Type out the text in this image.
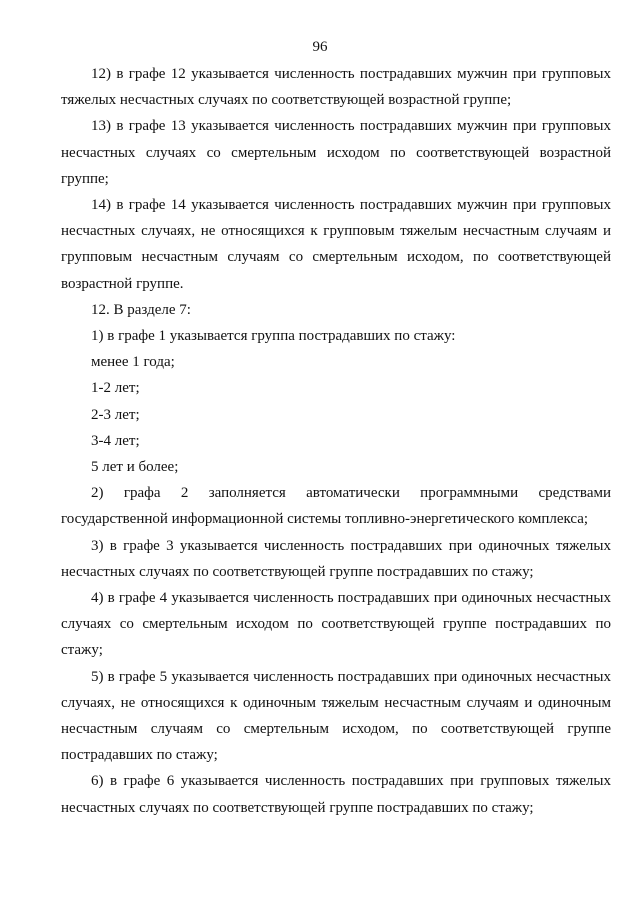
96
12) в графе 12 указывается численность пострадавших мужчин при групповых
тяжелых несчастных случаях по соответствующей возрастной группе;
13) в графе 13 указывается численность пострадавших мужчин при групповых
несчастных случаях со смертельным исходом по соответствующей возрастной
группе;
14) в графе 14 указывается численность пострадавших мужчин при групповых
несчастных случаях, не относящихся к групповым тяжелым несчастным случаям и
групповым несчастным случаям со смертельным исходом, по соответствующей
возрастной группе.
12. В разделе 7:
1) в графе 1 указывается группа пострадавших по стажу:
менее 1 года;
1-2 лет;
2-3 лет;
3-4 лет;
5 лет и более;
2) графа 2 заполняется автоматически программными средствами
государственной информационной системы топливно-энергетического комплекса;
3) в графе 3 указывается численность пострадавших при одиночных тяжелых
несчастных случаях по соответствующей группе пострадавших по стажу;
4) в графе 4 указывается численность пострадавших при одиночных несчастных
случаях со смертельным исходом по соответствующей группе пострадавших по
стажу;
5) в графе 5 указывается численность пострадавших при одиночных несчастных
случаях, не относящихся к одиночным тяжелым несчастным случаям и одиночным
несчастным случаям со смертельным исходом, по соответствующей группе
пострадавших по стажу;
6) в графе 6 указывается численность пострадавших при групповых тяжелых
несчастных случаях по соответствующей группе пострадавших по стажу;
